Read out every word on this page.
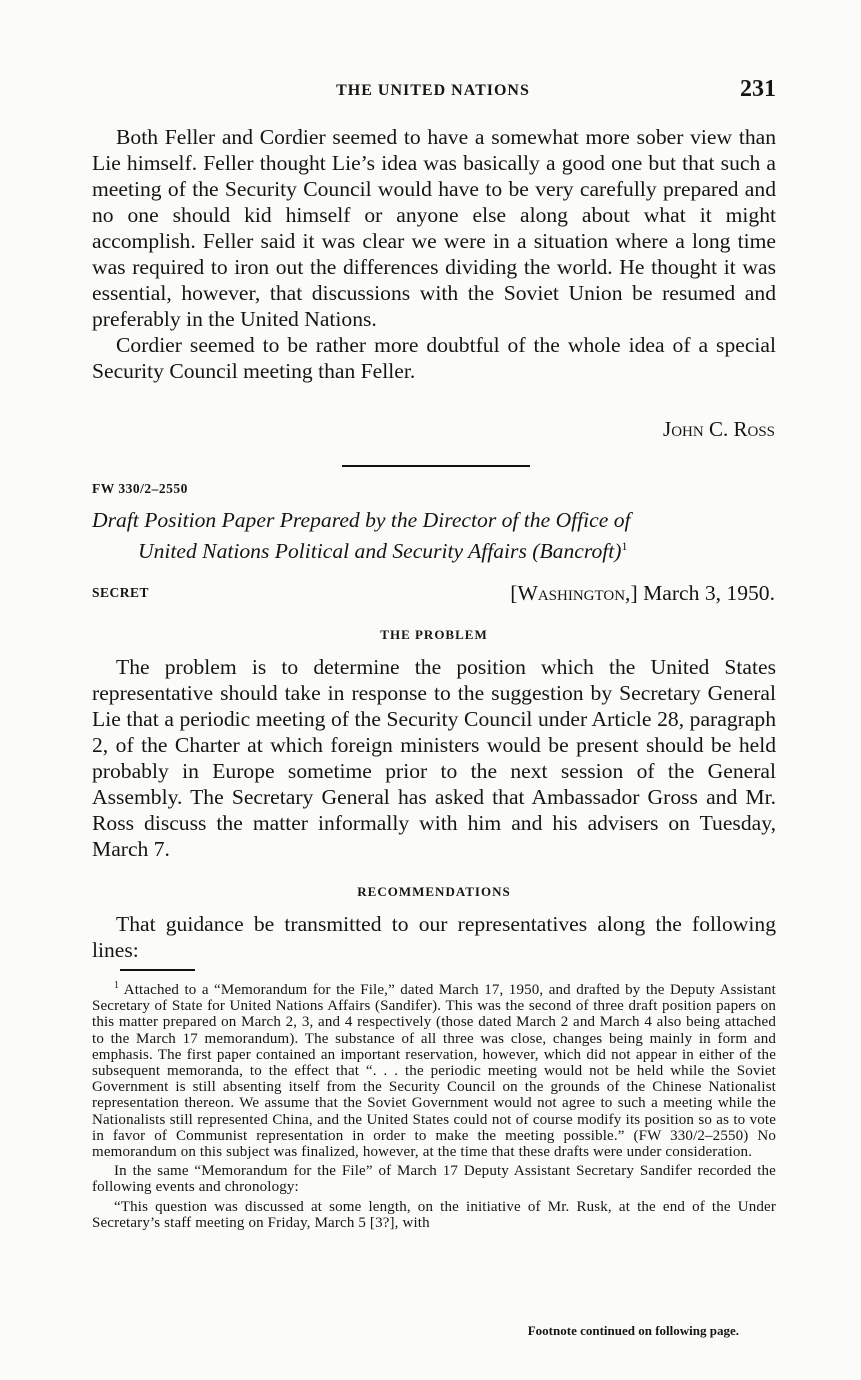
THE UNITED NATIONS	231

Both Feller and Cordier seemed to have a somewhat more sober view than Lie himself. Feller thought Lie’s idea was basically a good one but that such a meeting of the Security Council would have to be very carefully prepared and no one should kid himself or anyone else along about what it might accomplish. Feller said it was clear we were in a situation where a long time was required to iron out the differences dividing the world. He thought it was essential, however, that discussions with the Soviet Union be resumed and preferably in the United Nations.

Cordier seemed to be rather more doubtful of the whole idea of a special Security Council meeting than Feller.

John C. Ross
FW 330/2–2550
Draft Position Paper Prepared by the Director of the Office of
United Nations Political and Security Affairs (Bancroft)$^1$
SECRET	[Washington,] March 3, 1950.
THE PROBLEM

The problem is to determine the position which the United States representative should take in response to the suggestion by Secretary General Lie that a periodic meeting of the Security Council under Article 28, paragraph 2, of the Charter at which foreign ministers would be present should be held probably in Europe sometime prior to the next session of the General Assembly. The Secretary General has asked that Ambassador Gross and Mr. Ross discuss the matter informally with him and his advisers on Tuesday, March 7.

RECOMMENDATIONS

That guidance be transmitted to our representatives along the following lines:

$^1$ Attached to a “Memorandum for the File,” dated March 17, 1950, and drafted by the Deputy Assistant Secretary of State for United Nations Affairs (Sandifer). This was the second of three draft position papers on this matter prepared on March 2, 3, and 4 respectively (those dated March 2 and March 4 also being attached to the March 17 memorandum). The substance of all three was close, changes being mainly in form and emphasis. The first paper contained an important reservation, however, which did not appear in either of the subsequent memoranda, to the effect that “. . . the periodic meeting would not be held while the Soviet Government is still absenting itself from the Security Council on the grounds of the Chinese Nationalist representation thereon. We assume that the Soviet Government would not agree to such a meeting while the Nationalists still represented China, and the United States could not of course modify its position so as to vote in favor of Communist representation in order to make the meeting possible.” (FW 330/2–2550) No memorandum on this subject was finalized, however, at the time that these drafts were under consideration.

In the same “Memorandum for the File” of March 17 Deputy Assistant Secretary Sandifer recorded the following events and chronology:

“This question was discussed at some length, on the initiative of Mr. Rusk, at the end of the Under Secretary’s staff meeting on Friday, March 5 [3?], with

Footnote continued on following page.
